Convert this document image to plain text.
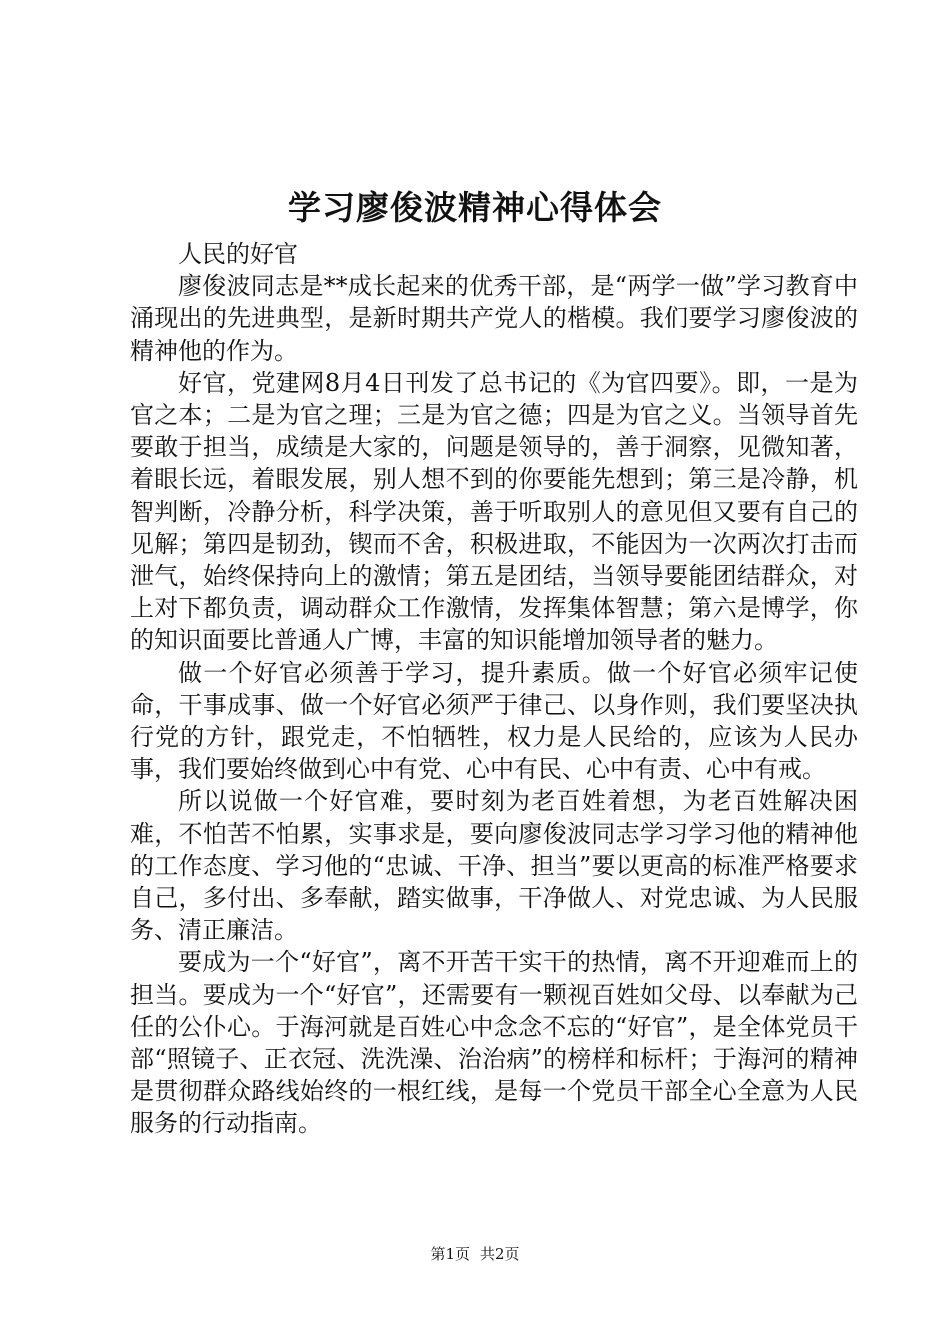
学习廖俊波精神心得体会

人民的好官

廖俊波同志是**成长起来的优秀干部，是“两学一做”学习教育中涌现出的先进典型，是新时期共产党人的楷模。我们要学习廖俊波的精神他的作为。

好官，党建网8月4日刊发了总书记的《为官四要》。即，一是为官之本；二是为官之理；三是为官之德；四是为官之义。当领导首先要敢于担当，成绩是大家的，问题是领导的，善于洞察，见微知著，着眼长远，着眼发展，别人想不到的你要能先想到；第三是冷静，机智判断，冷静分析，科学决策，善于听取别人的意见但又要有自己的见解；第四是韧劲，锲而不舍，积极进取，不能因为一次两次打击而泄气，始终保持向上的激情；第五是团结，当领导要能团结群众，对上对下都负责，调动群众工作激情，发挥集体智慧；第六是博学，你的知识面要比普通人广博，丰富的知识能增加领导者的魅力。

做一个好官必须善于学习，提升素质。做一个好官必须牢记使命，干事成事、做一个好官必须严于律己、以身作则，我们要坚决执行党的方针，跟党走，不怕牺牲，权力是人民给的，应该为人民办事，我们要始终做到心中有党、心中有民、心中有责、心中有戒。

所以说做一个好官难，要时刻为老百姓着想，为老百姓解决困难，不怕苦不怕累，实事求是，要向廖俊波同志学习学习他的精神他的工作态度、学习他的“忠诚、干净、担当”要以更高的标准严格要求自己，多付出、多奉献，踏实做事，干净做人、对党忠诚、为人民服务、清正廉洁。

要成为一个“好官”，离不开苦干实干的热情，离不开迎难而上的担当。要成为一个“好官”，还需要有一颗视百姓如父母、以奉献为己任的公仆心。于海河就是百姓心中念念不忘的“好官”，是全体党员干部“照镜子、正衣冠、洗洗澡、治治病”的榜样和标杆；于海河的精神是贯彻群众路线始终的一根红线，是每一个党员干部全心全意为人民服务的行动指南。

第1页 共2页
